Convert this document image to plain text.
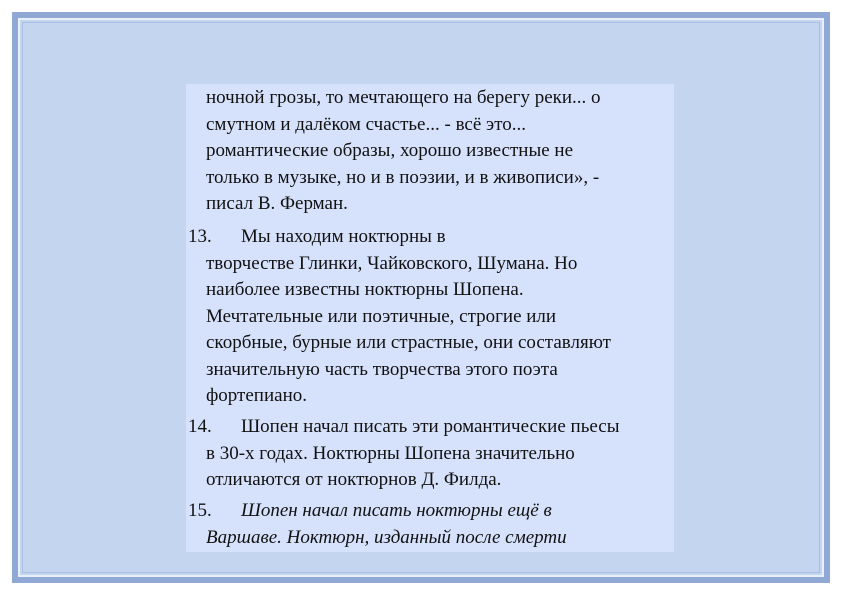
ночной грозы, то мечтающего на берегу реки... о
смутном и далёком счастье... - всё это...
романтические образы, хорошо известные не
только в музыке, но и в поэзии, и в живописи», -
писал В. Ферман.
13.	Мы находим ноктюрны в
творчестве Глинки, Чайковского, Шумана. Но
наиболее известны ноктюрны Шопена.
Мечтательные или поэтичные, строгие или
скорбные, бурные или страстные, они составляют
значительную часть творчества этого поэта
фортепиано.
14.	Шопен начал писать эти романтические пьесы
в 30-х годах. Ноктюрны Шопена значительно
отличаются от ноктюрнов Д. Филда.
15.	Шопен начал писать ноктюрны ещё в
Варшаве. Ноктюрн, изданный после смерти
